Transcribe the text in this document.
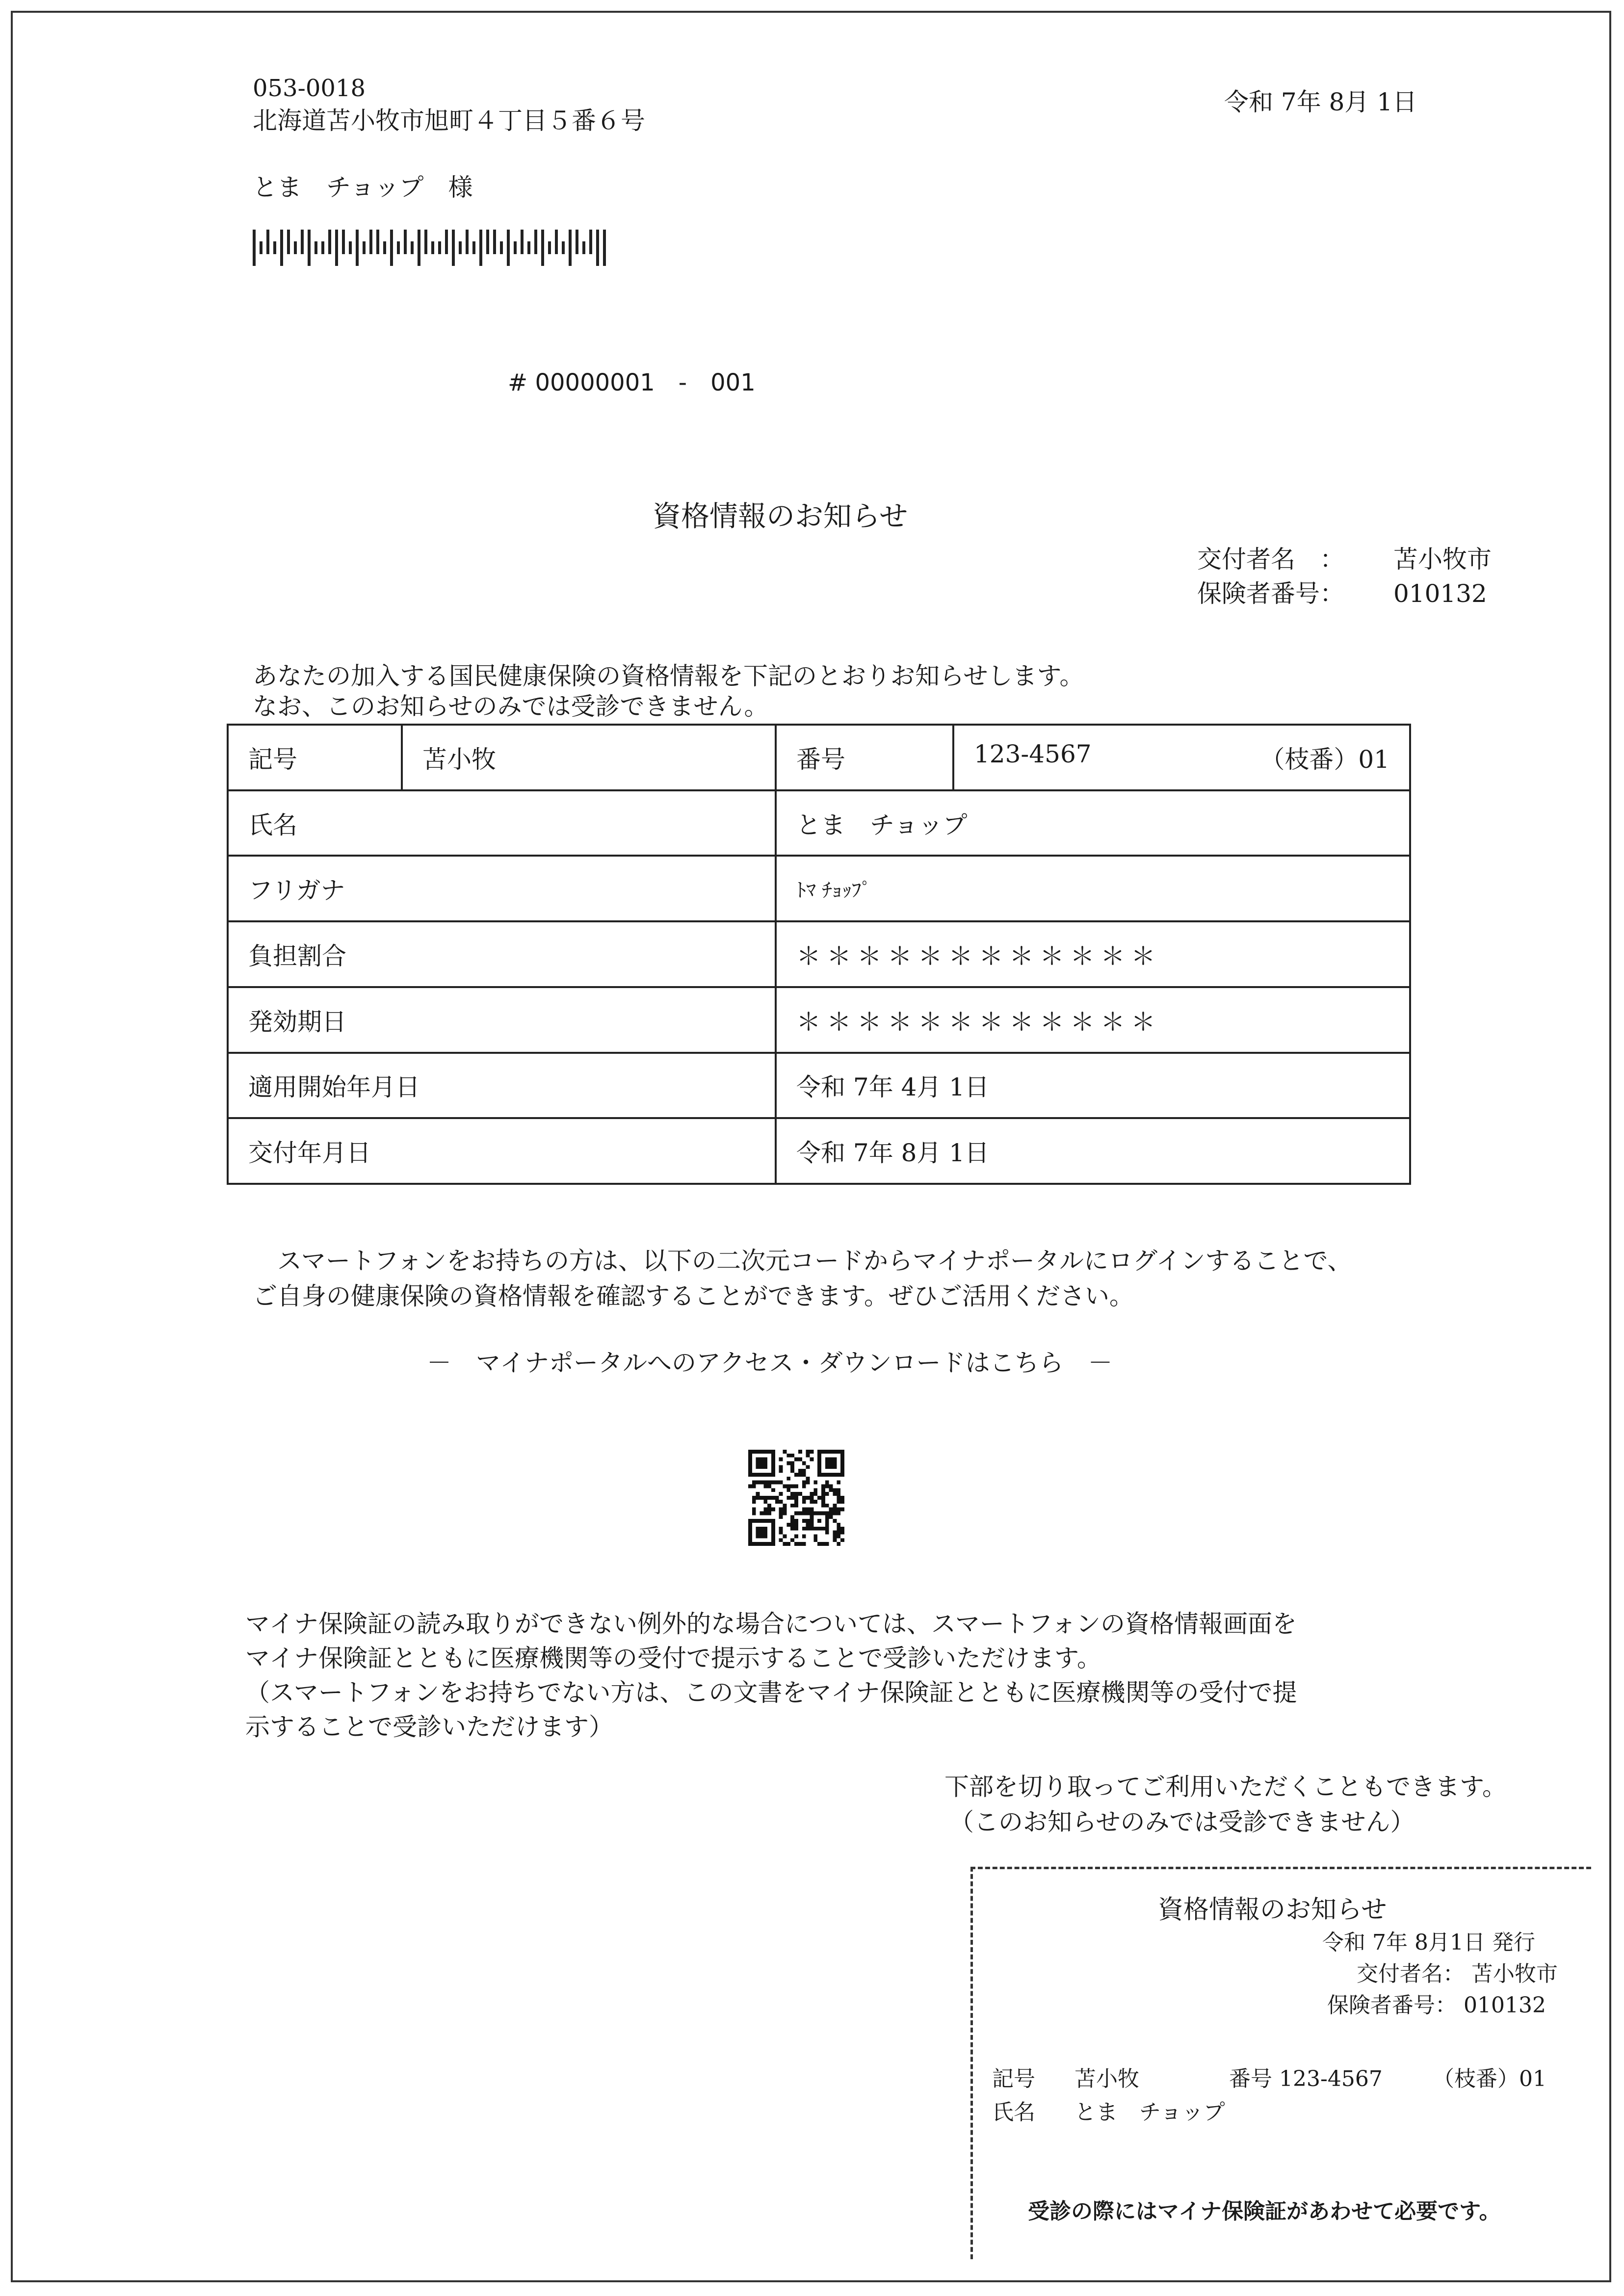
053-0018
北海道苫小牧市旭町４丁目５番６号
とま　チョップ　様
令和 7年 8月 1日
# 00000001　-　001
資格情報のお知らせ
交付者名　： 苫小牧市
保険者番号： 010132
あなたの加入する国民健康保険の資格情報を下記のとおりお知らせします。
なお、このお知らせのみでは受診できません。
記号	苫小牧	番号	123-4567 （枝番）01

氏名		とま　チョップ	
フリガナ		ﾄﾏ ﾁｮｯﾌﾟ	
負担割合		＊＊＊＊＊＊＊＊＊＊＊＊	
発効期日		＊＊＊＊＊＊＊＊＊＊＊＊	
適用開始年月日		令和 7年 4月 1日	
交付年月日		令和 7年 8月 1日	
　スマートフォンをお持ちの方は、以下の二次元コードからマイナポータルにログインすることで、
ご自身の健康保険の資格情報を確認することができます。ぜひご活用ください。
－　マイナポータルへのアクセス・ダウンロードはこちら　－
マイナ保険証の読み取りができない例外的な場合については、スマートフォンの資格情報画面を
マイナ保険証とともに医療機関等の受付で提示することで受診いただけます。
（スマートフォンをお持ちでない方は、この文書をマイナ保険証とともに医療機関等の受付で提
示することで受診いただけます）
下部を切り取ってご利用いただくこともできます。
（このお知らせのみでは受診できません）
資格情報のお知らせ
令和 7年 8月1日 発行
交付者名： 苫小牧市
保険者番号： 010132
記号 苫小牧	番号 123-4567 （枝番）01
氏名 とま　チョップ
受診の際にはマイナ保険証があわせて必要です。
